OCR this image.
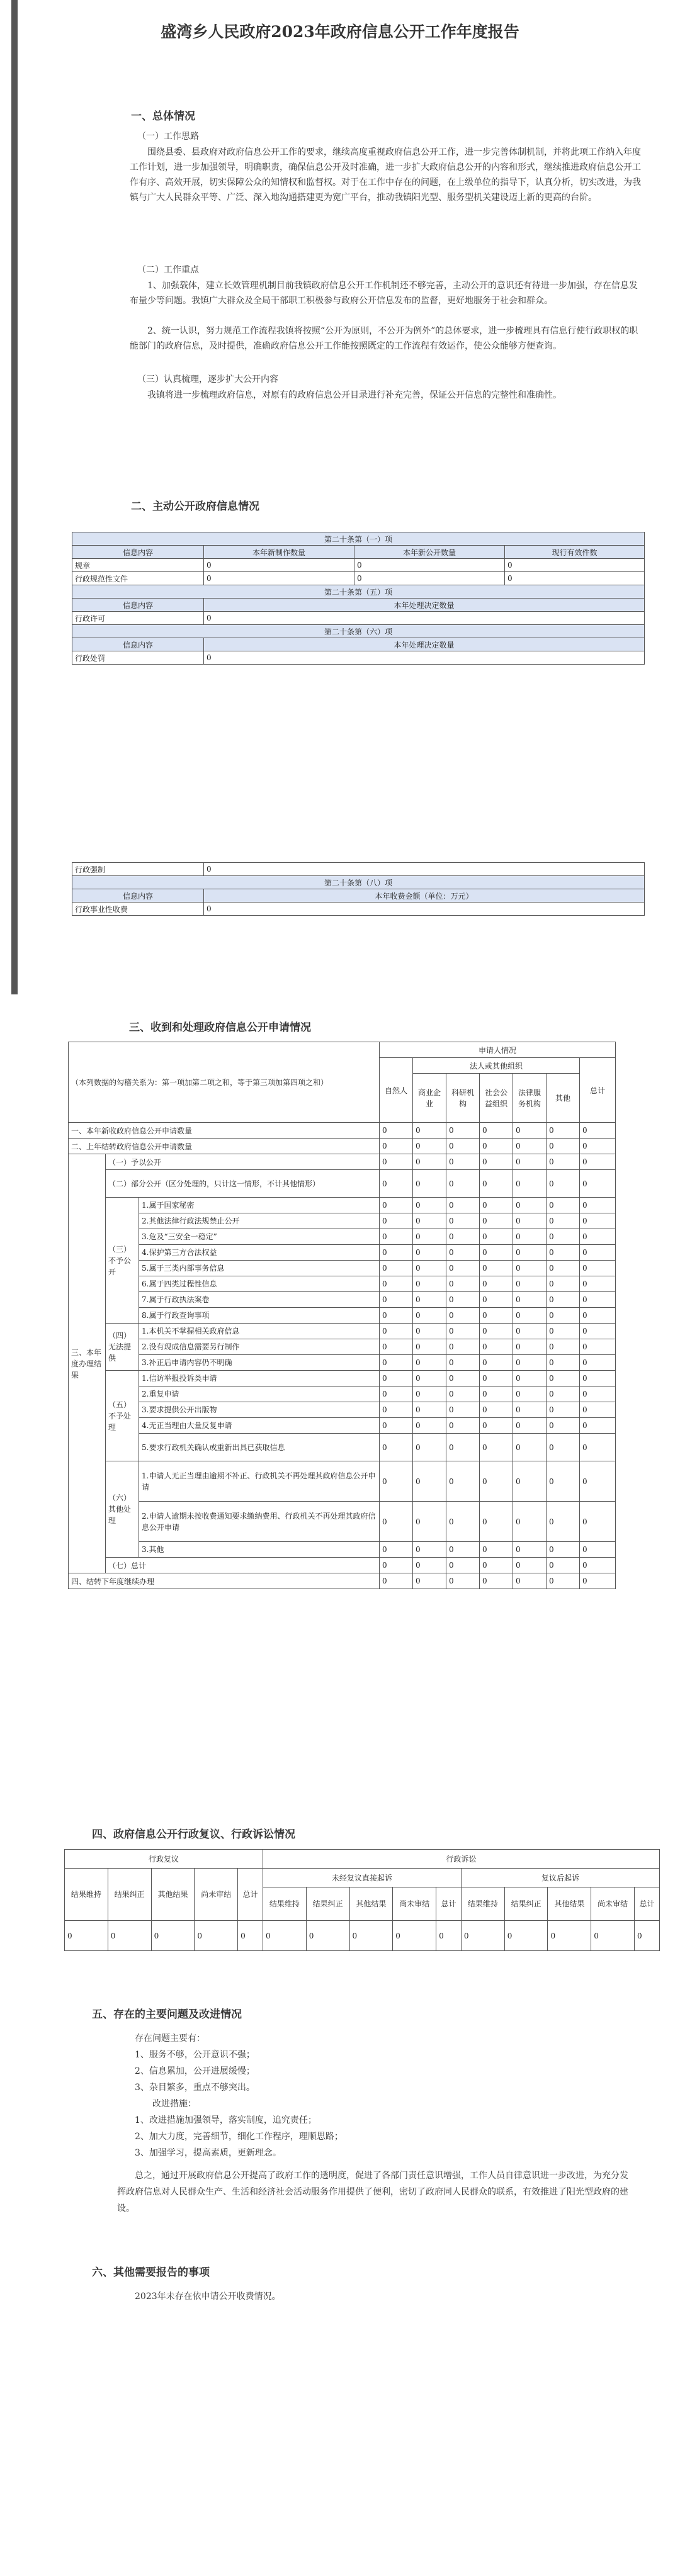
盛湾乡人民政府2023年政府信息公开工作年度报告
一、总体情况
（一）工作思路
围绕县委、县政府对政府信息公开工作的要求，继续高度重视政府信息公开工作，进一步完善体制机制，并将此项工作纳入年度工作计划，进一步加强领导，明确职责，确保信息公开及时准确，进一步扩大政府信息公开的内容和形式，继续推进政府信息公开工作有序、高效开展，切实保障公众的知情权和监督权。对于在工作中存在的问题，在上级单位的指导下，认真分析，切实改进，为我镇与广大人民群众平等、广泛、深入地沟通搭建更为宽广平台，推动我镇阳光型、服务型机关建设迈上新的更高的台阶。
（二）工作重点
1、加强载体，建立长效管理机制目前我镇政府信息公开工作机制还不够完善，主动公开的意识还有待进一步加强，存在信息发布量少等问题。我镇广大群众及全局干部职工积极参与政府公开信息发布的监督，更好地服务于社会和群众。
2、统一认识，努力规范工作流程我镇将按照“公开为原则，不公开为例外”的总体要求，进一步梳理具有信息行使行政职权的职能部门的政府信息，及时提供，准确政府信息公开工作能按照既定的工作流程有效运作，使公众能够方便查询。
（三）认真梳理，逐步扩大公开内容
我镇将进一步梳理政府信息，对原有的政府信息公开目录进行补充完善，保证公开信息的完整性和准确性。
二、主动公开政府信息情况
第二十条第（一）项			
信息内容	本年新制作数量	本年新公开数量	现行有效件数
规章	0	0	0
行政规范性文件	0	0	0
第二十条第（五）项			
信息内容	本年处理决定数量		
行政许可	0		
第二十条第（六）项			
信息内容	本年处理决定数量		
行政处罚	0		
行政强制	0
第二十条第（八）项	
信息内容	本年收费金额（单位：万元）
行政事业性收费	0
三、收到和处理政府信息公开申请情况
（本列数据的勾稽关系为：第一项加第二项之和，等于第三项加第四项之和）			申请人情况						
			自然人	法人或其他组织					总计
				商业企业	科研机构	社会公益组织	法律服务机构	其他	
一、本年新收政府信息公开申请数量			0	0	0	0	0	0	0
二、上年结转政府信息公开申请数量			0	0	0	0	0	0	0
三、本年度办理结果	（一）予以公开		0	0	0	0	0	0	0
	（二）部分公开（区分处理的，只计这一情形，不计其他情形）		0	0	0	0	0	0	0
	（三）不予公开	1.属于国家秘密	0	0	0	0	0	0	0
		2.其他法律行政法规禁止公开	0	0	0	0	0	0	0
		3.危及“三安全一稳定”	0	0	0	0	0	0	0
		4.保护第三方合法权益	0	0	0	0	0	0	0
		5.属于三类内部事务信息	0	0	0	0	0	0	0
		6.属于四类过程性信息	0	0	0	0	0	0	0
		7.属于行政执法案卷	0	0	0	0	0	0	0
		8.属于行政查询事项	0	0	0	0	0	0	0
	（四）无法提供	1.本机关不掌握相关政府信息	0	0	0	0	0	0	0
		2.没有现成信息需要另行制作	0	0	0	0	0	0	0
		3.补正后申请内容仍不明确	0	0	0	0	0	0	0
	（五）不予处理	1.信访举报投诉类申请	0	0	0	0	0	0	0
		2.重复申请	0	0	0	0	0	0	0
		3.要求提供公开出版物	0	0	0	0	0	0	0
		4.无正当理由大量反复申请	0	0	0	0	0	0	0
		5.要求行政机关确认或重新出具已获取信息	0	0	0	0	0	0	0
	（六）其他处理	1.申请人无正当理由逾期不补正、行政机关不再处理其政府信息公开申请	0	0	0	0	0	0	0
		2.申请人逾期未按收费通知要求缴纳费用、行政机关不再处理其政府信息公开申请	0	0	0	0	0	0	0
		3.其他	0	0	0	0	0	0	0
	（七）总计		0	0	0	0	0	0	0
四、结转下年度继续办理			0	0	0	0	0	0	0
四、政府信息公开行政复议、行政诉讼情况
行政复议					行政诉讼									
结果维持	结果纠正	其他结果	尚未审结	总计	未经复议直接起诉					复议后起诉				
					结果维持	结果纠正	其他结果	尚未审结	总计	结果维持	结果纠正	其他结果	尚未审结	总计
0	0	0	0	0	0	0	0	0	0	0	0	0	0	0
五、存在的主要问题及改进情况
存在问题主要有：
1、服务不够，公开意识不强；
2、信息累加，公开进展缓慢；
3、杂目繁多，重点不够突出。
改进措施：
1、改进措施加强领导，落实制度，追究责任；
2、加大力度，完善细节，细化工作程序，理顺思路；
3、加强学习，提高素质，更新理念。
总之，通过开展政府信息公开提高了政府工作的透明度，促进了各部门责任意识增强，工作人员自律意识进一步改进，为充分发挥政府信息对人民群众生产、生活和经济社会活动服务作用提供了便利，密切了政府同人民群众的联系，有效推进了阳光型政府的建设。
六、其他需要报告的事项
2023年未存在依申请公开收费情况。
